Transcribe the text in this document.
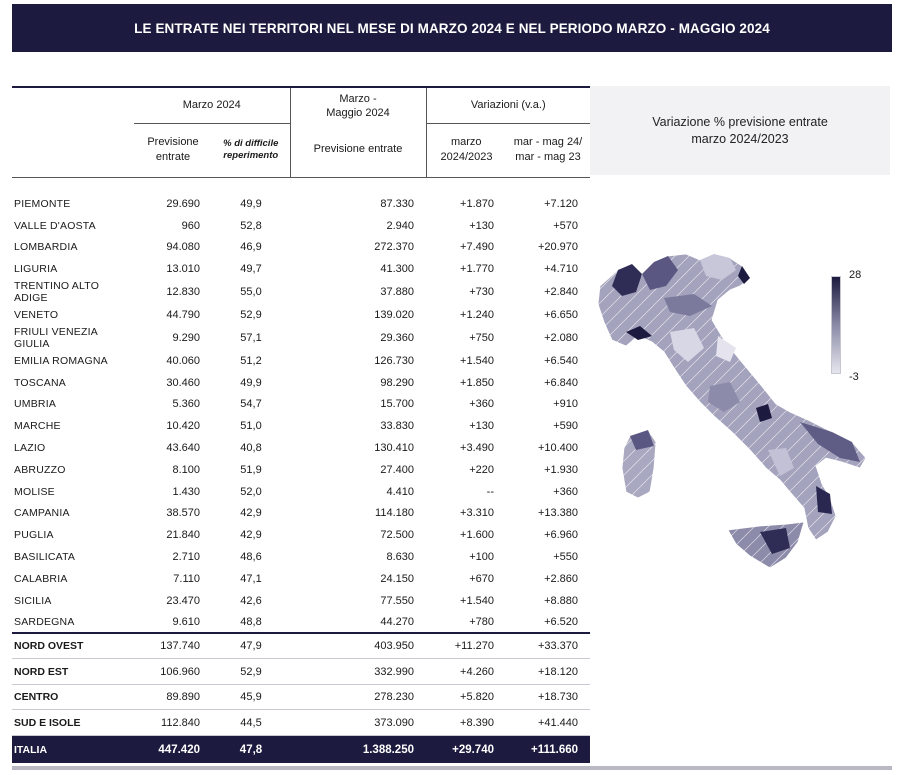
LE ENTRATE NEI TERRITORI NEL MESE DI MARZO 2024 E NEL PERIODO MARZO - MAGGIO 2024
	Marzo 2024		Marzo - Maggio 2024	Variazioni (v.a.)	
	Previsione entrate	% di difficile reperimento	Previsione entrate	marzo 2024/2023	mar - mag 24/ mar - mag 23

PIEMONTE	29.690	49,9	87.330	+1.870	+7.120
VALLE D'AOSTA	960	52,8	2.940	+130	+570
LOMBARDIA	94.080	46,9	272.370	+7.490	+20.970
LIGURIA	13.010	49,7	41.300	+1.770	+4.710
TRENTINO ALTO ADIGE	12.830	55,0	37.880	+730	+2.840
VENETO	44.790	52,9	139.020	+1.240	+6.650
FRIULI VENEZIA GIULIA	9.290	57,1	29.360	+750	+2.080
EMILIA ROMAGNA	40.060	51,2	126.730	+1.540	+6.540
TOSCANA	30.460	49,9	98.290	+1.850	+6.840
UMBRIA	5.360	54,7	15.700	+360	+910
MARCHE	10.420	51,0	33.830	+130	+590
LAZIO	43.640	40,8	130.410	+3.490	+10.400
ABRUZZO	8.100	51,9	27.400	+220	+1.930
MOLISE	1.430	52,0	4.410	--	+360
CAMPANIA	38.570	42,9	114.180	+3.310	+13.380
PUGLIA	21.840	42,9	72.500	+1.600	+6.960
BASILICATA	2.710	48,6	8.630	+100	+550
CALABRIA	7.110	47,1	24.150	+670	+2.860
SICILIA	23.470	42,6	77.550	+1.540	+8.880
SARDEGNA	9.610	48,8	44.270	+780	+6.520
NORD OVEST	137.740	47,9	403.950	+11.270	+33.370
NORD EST	106.960	52,9	332.990	+4.260	+18.120
CENTRO	89.890	45,9	278.230	+5.820	+18.730
SUD E ISOLE	112.840	44,5	373.090	+8.390	+41.440
ITALIA	447.420	47,8	1.388.250	+29.740	+111.660
Variazione % previsione entrate
marzo 2024/2023
28
-3
